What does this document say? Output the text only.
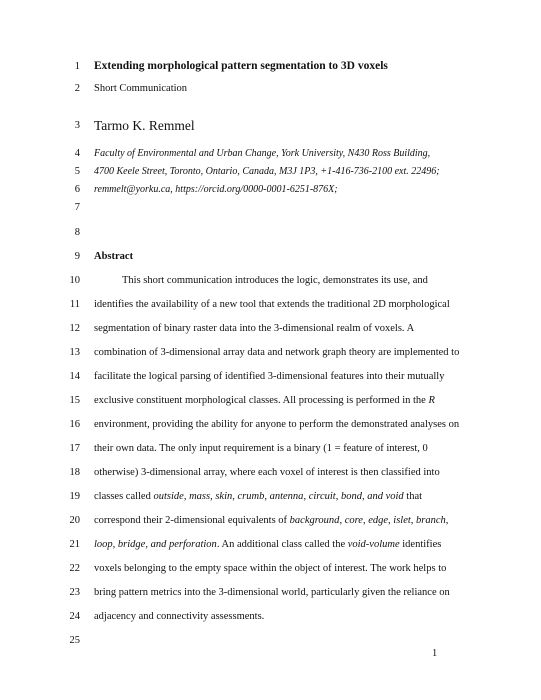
1
2
3
4
5
6
7
8
9
10
11
12
13
14
15
16
17
18
19
20
21
22
23
24
25
Extending morphological pattern segmentation to 3D voxels
Short Communication
Tarmo K. Remmel
Faculty of Environmental and Urban Change, York University, N430 Ross Building,
4700 Keele Street, Toronto, Ontario, Canada, M3J 1P3, +1-416-736-2100 ext. 22496;
remmelt@yorku.ca, https://orcid.org/0000-0001-6251-876X;
Abstract
This short communication introduces the logic, demonstrates its use, and
identifies the availability of a new tool that extends the traditional 2D morphological
segmentation of binary raster data into the 3-dimensional realm of voxels. A
combination of 3-dimensional array data and network graph theory are implemented to
facilitate the logical parsing of identified 3-dimensional features into their mutually
exclusive constituent morphological classes. All processing is performed in the R
environment, providing the ability for anyone to perform the demonstrated analyses on
their own data. The only input requirement is a binary (1 = feature of interest, 0
otherwise) 3-dimensional array, where each voxel of interest is then classified into
classes called outside, mass, skin, crumb, antenna, circuit, bond, and void that
correspond their 2-dimensional equivalents of background, core, edge, islet, branch,
loop, bridge, and perforation. An additional class called the void-volume identifies
voxels belonging to the empty space within the object of interest. The work helps to
bring pattern metrics into the 3-dimensional world, particularly given the reliance on
adjacency and connectivity assessments.
1
